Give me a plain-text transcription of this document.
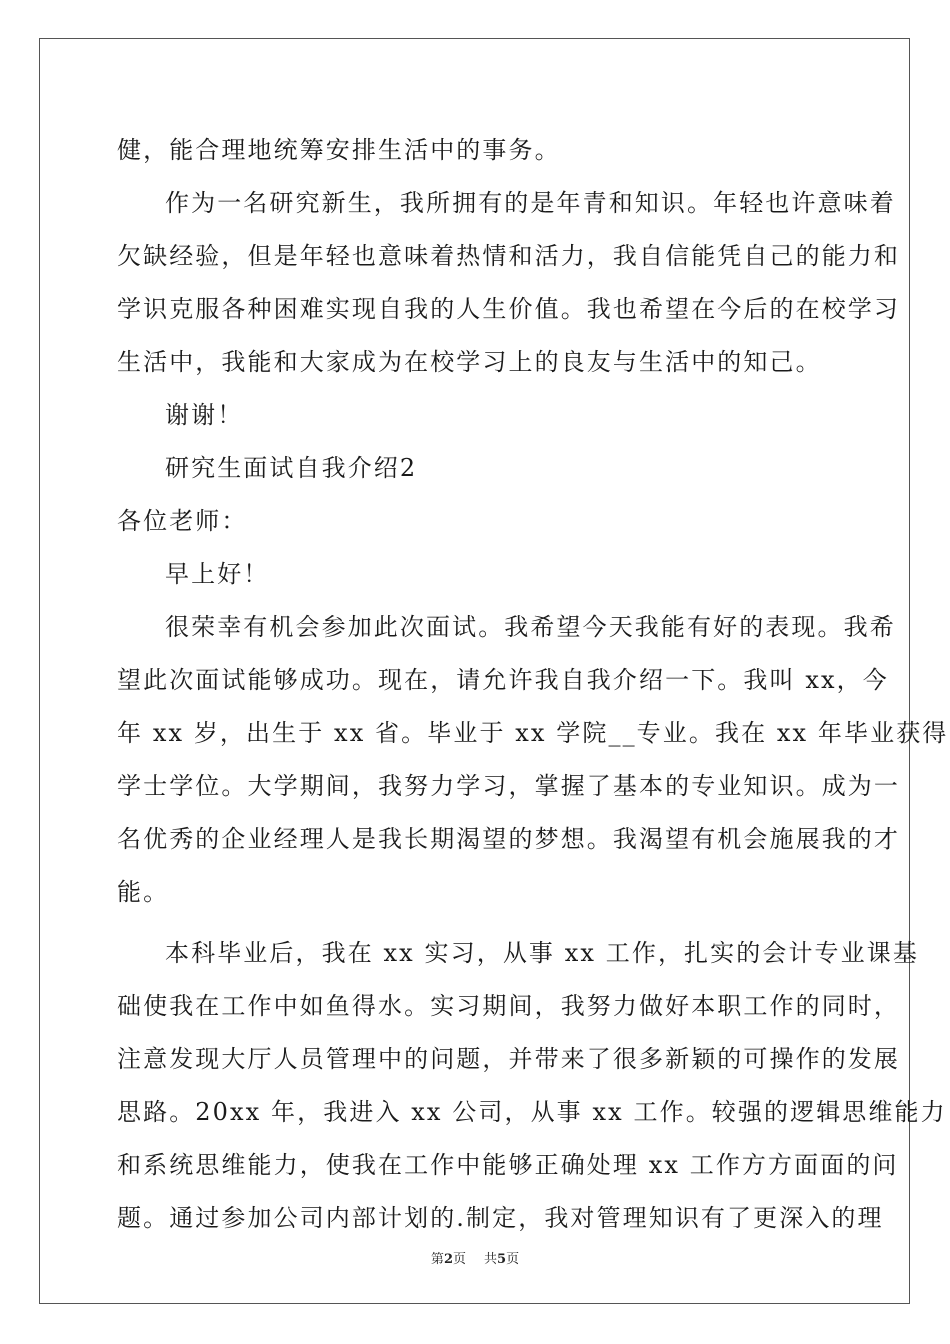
健，能合理地统筹安排生活中的事务。
作为一名研究新生，我所拥有的是年青和知识。年轻也许意味着
欠缺经验，但是年轻也意味着热情和活力，我自信能凭自己的能力和
学识克服各种困难实现自我的人生价值。我也希望在今后的在校学习
生活中，我能和大家成为在校学习上的良友与生活中的知己。
谢谢！
研究生面试自我介绍2
各位老师：
早上好！
很荣幸有机会参加此次面试。我希望今天我能有好的表现。我希
望此次面试能够成功。现在，请允许我自我介绍一下。我叫 xx，今
年 xx 岁，出生于 xx 省。毕业于 xx 学院__专业。我在 xx 年毕业获得
学士学位。大学期间，我努力学习，掌握了基本的专业知识。成为一
名优秀的企业经理人是我长期渴望的梦想。我渴望有机会施展我的才
能。
本科毕业后，我在 xx 实习，从事 xx 工作，扎实的会计专业课基
础使我在工作中如鱼得水。实习期间，我努力做好本职工作的同时，
注意发现大厅人员管理中的问题，并带来了很多新颖的可操作的发展
思路。20xx 年，我进入 xx 公司，从事 xx 工作。较强的逻辑思维能力
和系统思维能力，使我在工作中能够正确处理 xx 工作方方面面的问
题。通过参加公司内部计划的.制定，我对管理知识有了更深入的理
第2页 共5页
